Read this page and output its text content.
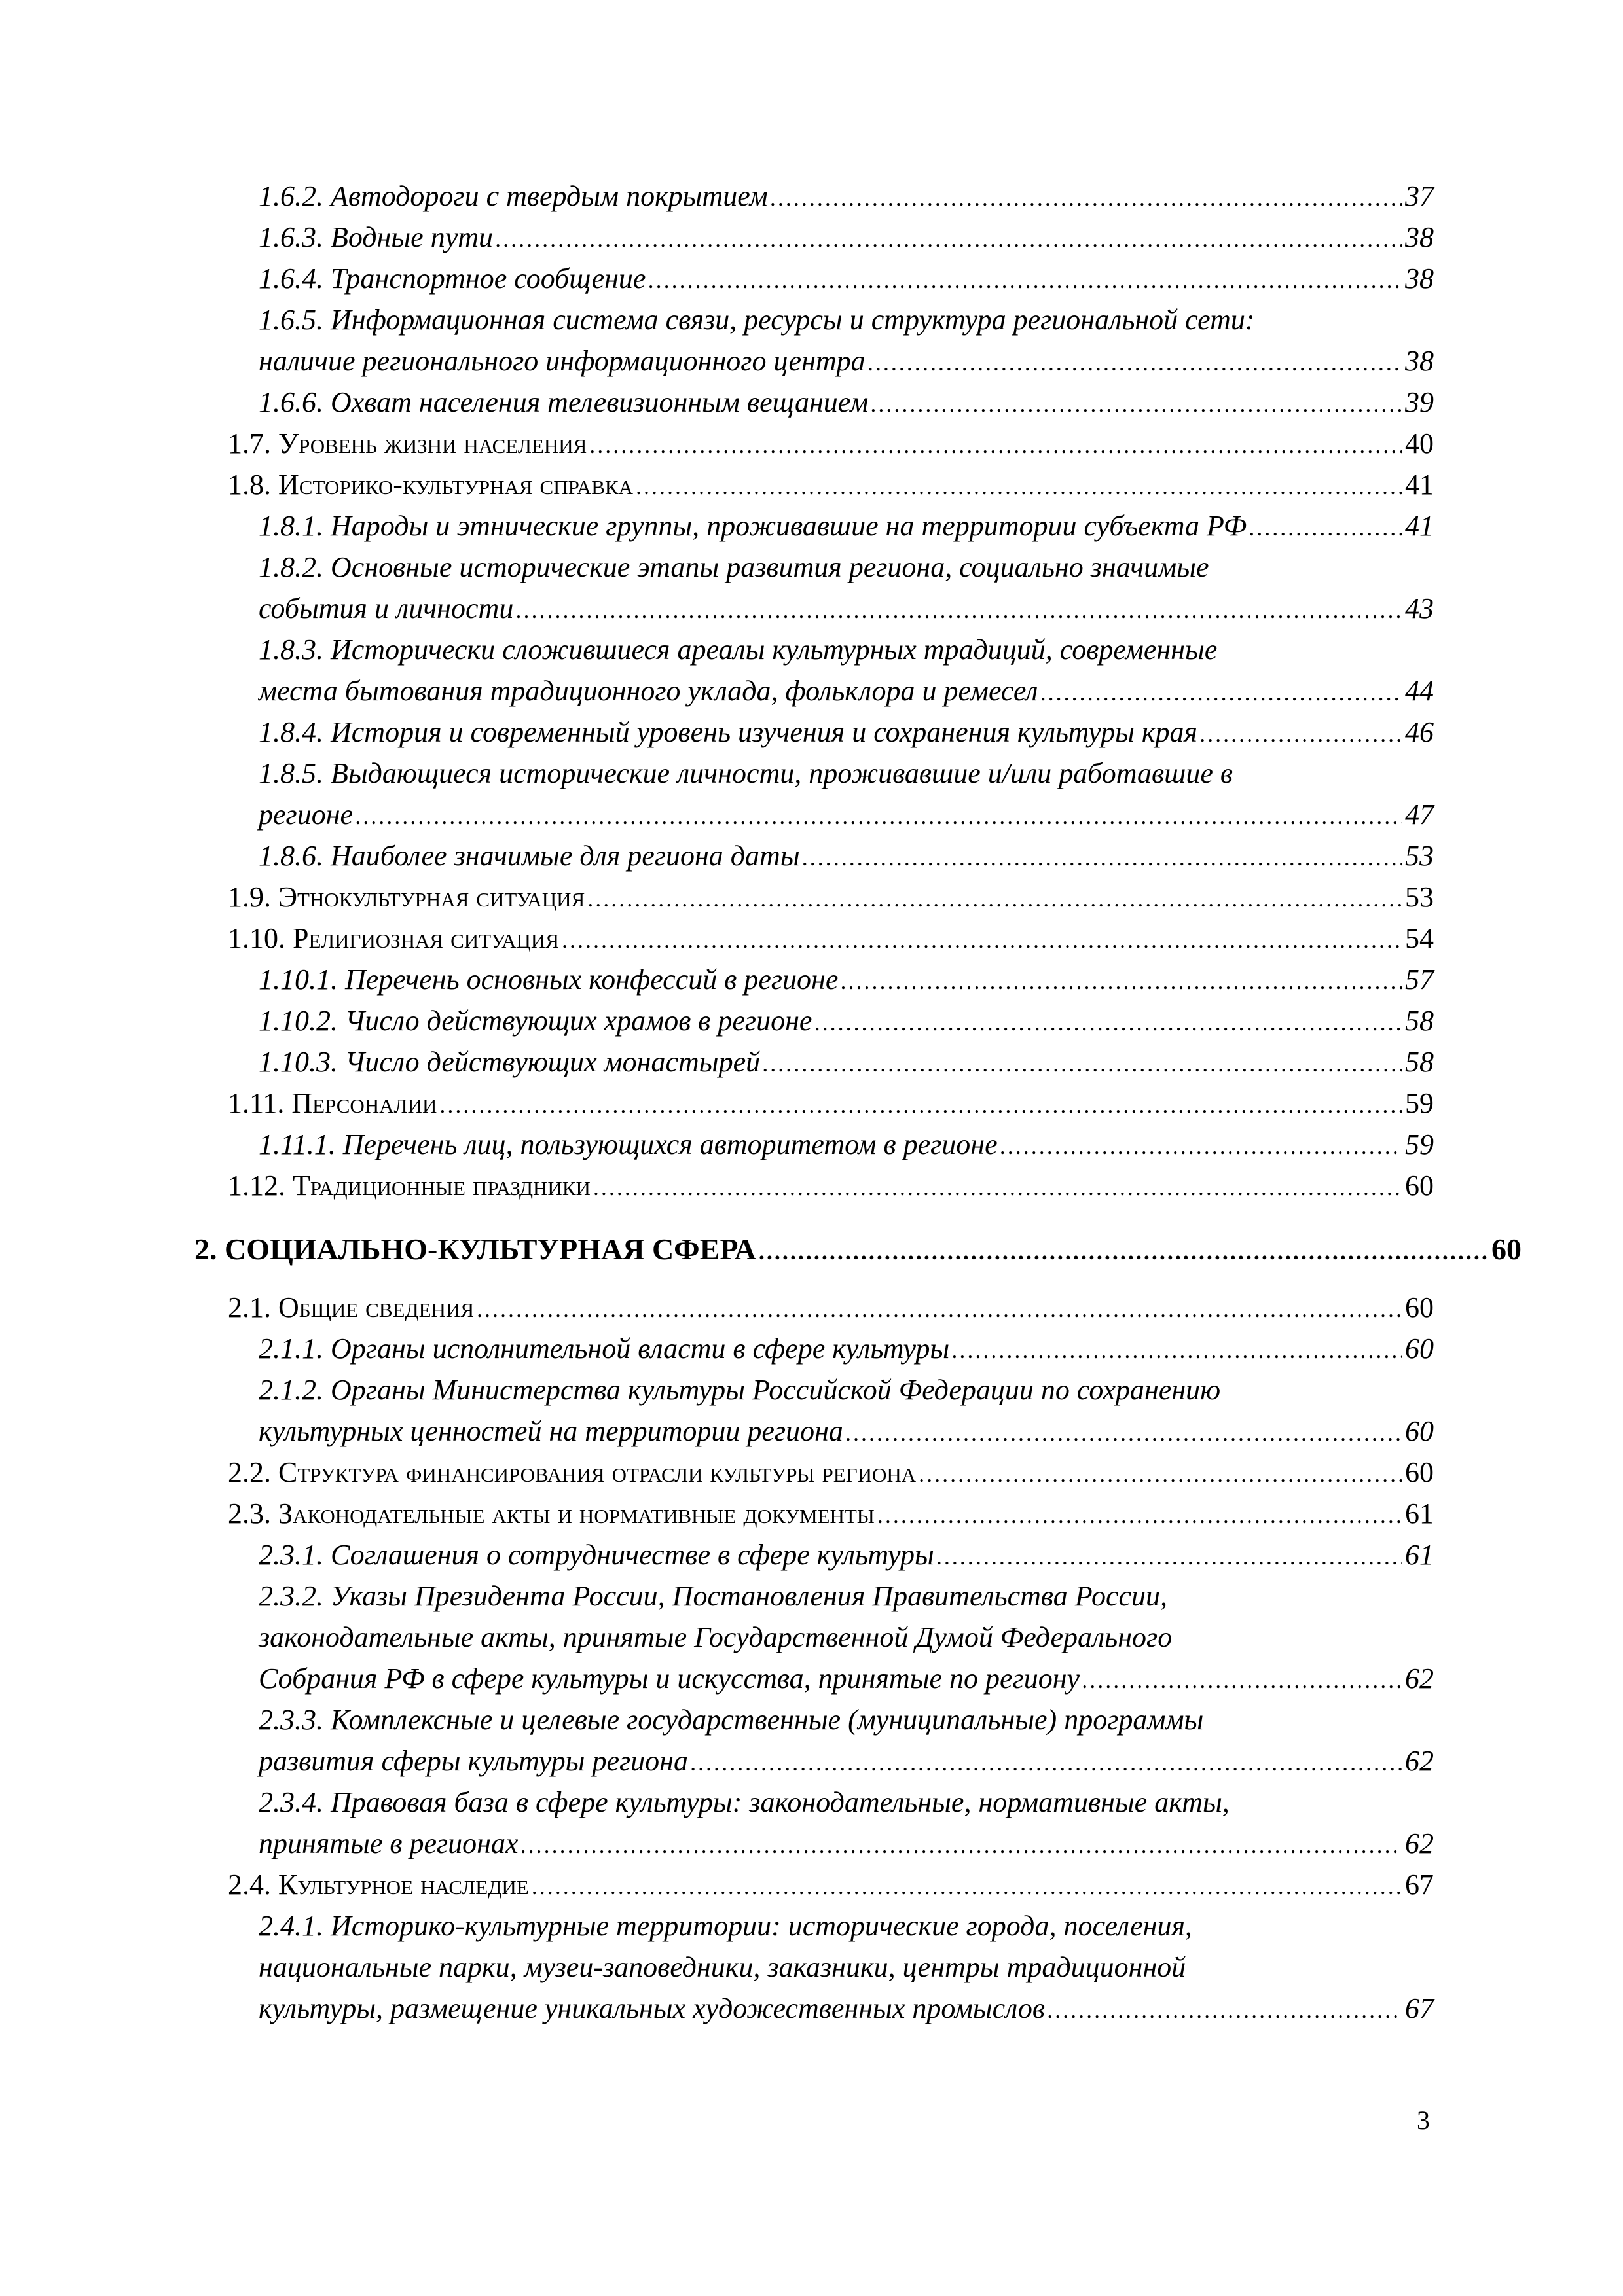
1.6.2. Автодороги с твердым покрытием . . .	37
1.6.3. Водные пути . . .	38
1.6.4. Транспортное сообщение . . .	38
1.6.5. Информационная система связи, ресурсы и структура региональной сети:
наличие регионального информационного центра . . .	38
1.6.6. Охват населения телевизионным вещанием . . .	39
1.7. Уровень жизни населения . . .	40
1.8. Историко-культурная справка . . .	41
1.8.1. Народы и этнические группы, проживавшие на территории субъекта РФ . . .	41
1.8.2. Основные исторические этапы развития региона, социально значимые
события и личности . . .	43
1.8.3. Исторически сложившиеся ареалы культурных традиций, современные
места бытования традиционного уклада, фольклора и ремесел . . .	44
1.8.4. История и современный уровень изучения и сохранения культуры края . . .	46
1.8.5. Выдающиеся исторические личности, проживавшие и/или работавшие в
регионе . . .	47
1.8.6. Наиболее значимые для региона даты . . .	53
1.9. Этнокультурная ситуация . . .	53
1.10. Религиозная ситуация . . .	54
1.10.1. Перечень основных конфессий в регионе . . .	57
1.10.2. Число действующих храмов в регионе . . .	58
1.10.3. Число действующих монастырей . . .	58
1.11. Персоналии . . .	59
1.11.1. Перечень лиц, пользующихся авторитетом в регионе . . .	59
1.12. Традиционные праздники . . .	60
2. СОЦИАЛЬНО-КУЛЬТУРНАЯ СФЕРА . . .	60
2.1. Общие сведения . . .	60
2.1.1. Органы исполнительной власти в сфере культуры . . .	60
2.1.2. Органы Министерства культуры Российской Федерации по сохранению
культурных ценностей на территории региона . . .	60
2.2. Структура финансирования отрасли культуры региона . . .	60
2.3. Законодательные акты и нормативные документы . . .	61
2.3.1. Соглашения о сотрудничестве в сфере культуры . . .	61
2.3.2. Указы Президента России, Постановления Правительства России,
законодательные акты, принятые Государственной Думой Федерального
Собрания РФ в сфере культуры и искусства, принятые по региону . . .	62
2.3.3. Комплексные и целевые государственные (муниципальные) программы
развития сферы культуры региона . . .	62
2.3.4. Правовая база в сфере культуры: законодательные, нормативные акты,
принятые в регионах . . .	62
2.4. Культурное наследие . . .	67
2.4.1. Историко-культурные территории: исторические города, поселения,
национальные парки, музеи-заповедники, заказники, центры традиционной
культуры, размещение уникальных художественных промыслов . . .	67
3
